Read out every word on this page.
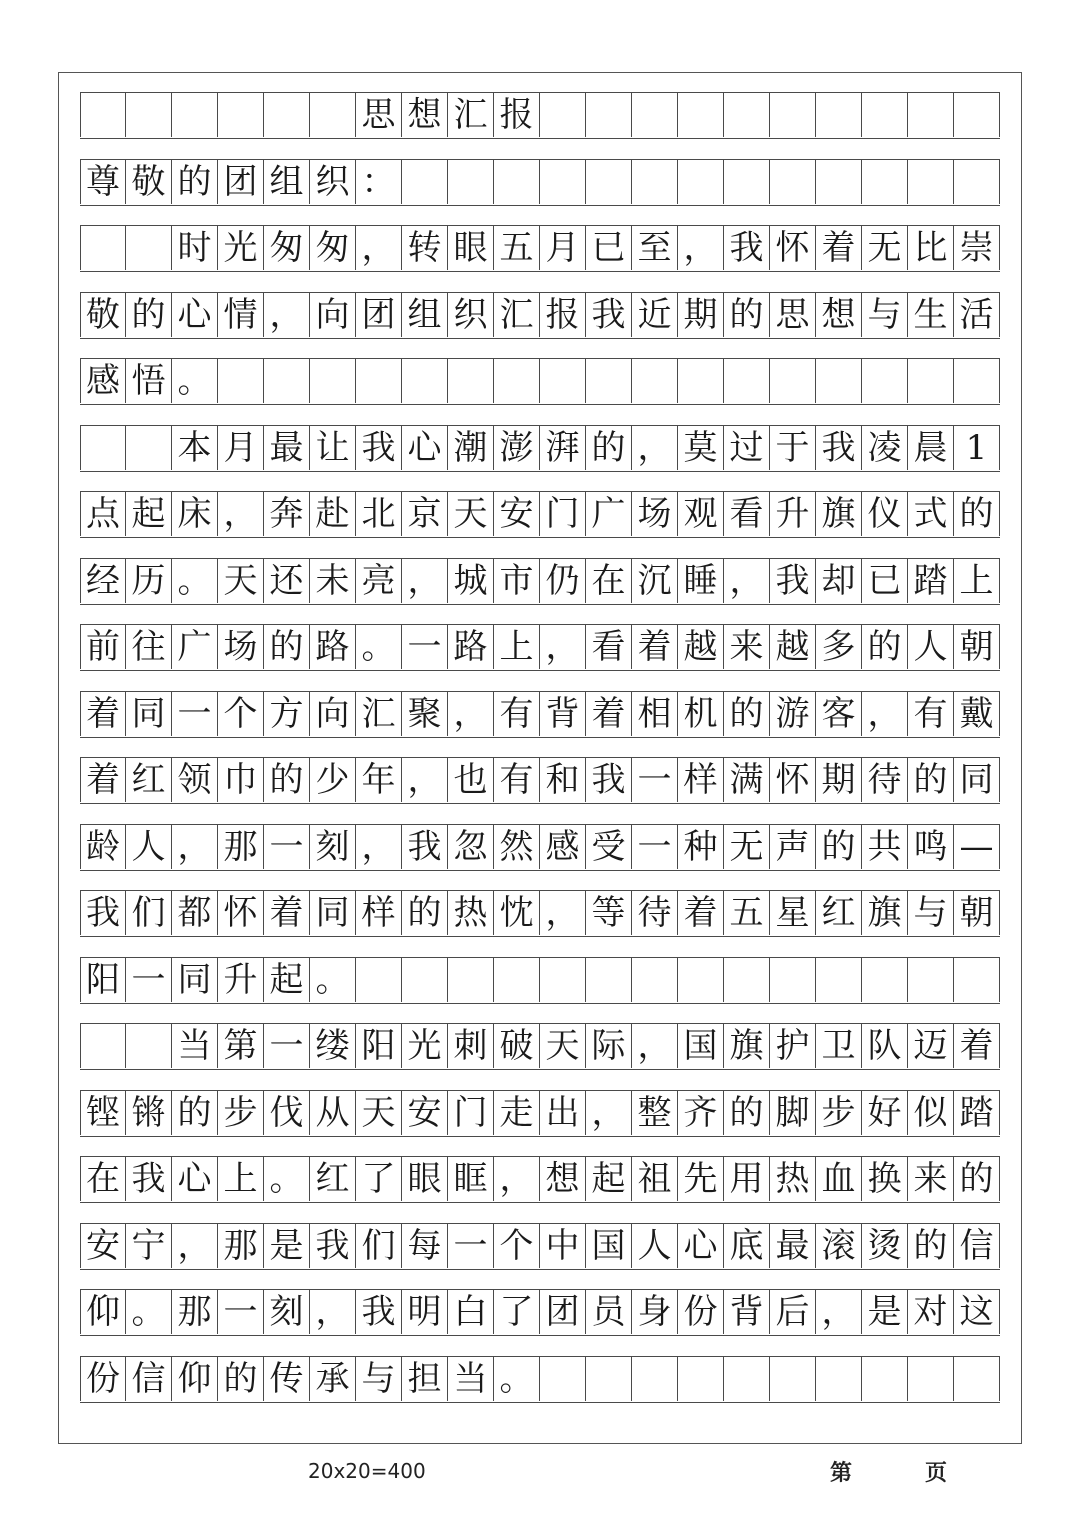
思 想 汇 报
尊 敬 的 团 组 织 ：
时 光 匆 匆 ， 转 眼 五 月 已 至 ， 我 怀 着 无 比 崇
敬 的 心 情 ， 向 团 组 织 汇 报 我 近 期 的 思 想 与 生 活
感 悟 。
本 月 最 让 我 心 潮 澎 湃 的 ， 莫 过 于 我 凌 晨 1
点 起 床 ， 奔 赴 北 京 天 安 门 广 场 观 看 升 旗 仪 式 的
经 历 。 天 还 未 亮 ， 城 市 仍 在 沉 睡 ， 我 却 已 踏 上
前 往 广 场 的 路 。 一 路 上 ， 看 着 越 来 越 多 的 人 朝
着 同 一 个 方 向 汇 聚 ， 有 背 着 相 机 的 游 客 ， 有 戴
着 红 领 巾 的 少 年 ， 也 有 和 我 一 样 满 怀 期 待 的 同
龄 人 ， 那 一 刻 ， 我 忽 然 感 受 一 种 无 声 的 共 鸣 —
我 们 都 怀 着 同 样 的 热 忱 ， 等 待 着 五 星 红 旗 与 朝
阳 一 同 升 起 。
当 第 一 缕 阳 光 刺 破 天 际 ， 国 旗 护 卫 队 迈 着
铿 锵 的 步 伐 从 天 安 门 走 出 ， 整 齐 的 脚 步 好 似 踏
在 我 心 上 。 红 了 眼 眶 ， 想 起 祖 先 用 热 血 换 来 的
安 宁 ， 那 是 我 们 每 一 个 中 国 人 心 底 最 滚 烫 的 信
仰 。 那 一 刻 ， 我 明 白 了 团 员 身 份 背 后 ， 是 对 这
份 信 仰 的 传 承 与 担 当 。
20x20=400	第	页
